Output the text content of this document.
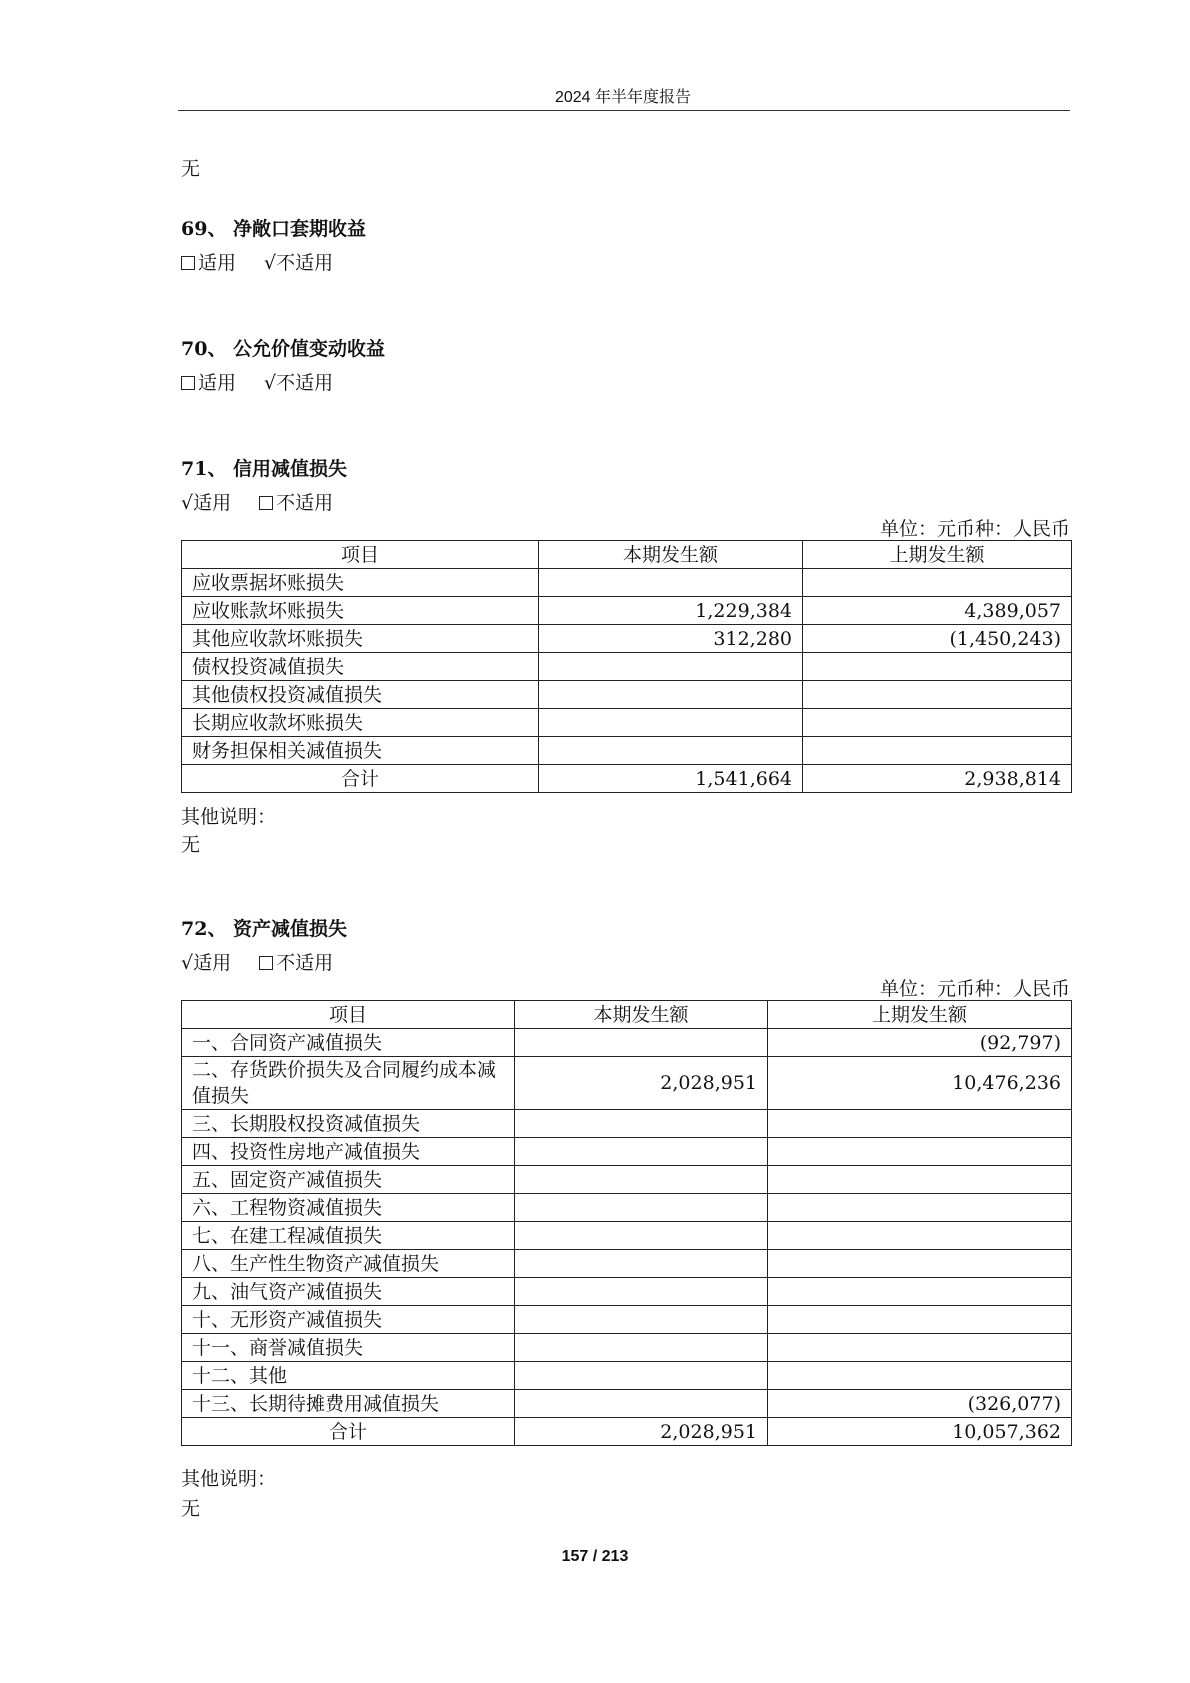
2024 年半年度报告
无
69、 净敞口套期收益
适用 √不适用
70、 公允价值变动收益
适用 √不适用
71、 信用减值损失
√适用 不适用
单位：元币种：人民币
项目	本期发生额	上期发生额
应收票据坏账损失		
应收账款坏账损失	1,229,384	4,389,057
其他应收款坏账损失	312,280	(1,450,243)
债权投资减值损失		
其他债权投资减值损失		
长期应收款坏账损失		
财务担保相关减值损失		
合计	1,541,664	2,938,814
其他说明：
无
72、 资产减值损失
√适用 不适用
单位：元币种：人民币
项目	本期发生额	上期发生额
一、合同资产减值损失		(92,797)
二、存货跌价损失及合同履约成本减值损失	2,028,951	10,476,236
三、长期股权投资减值损失		
四、投资性房地产减值损失		
五、固定资产减值损失		
六、工程物资减值损失		
七、在建工程减值损失		
八、生产性生物资产减值损失		
九、油气资产减值损失		
十、无形资产减值损失		
十一、商誉减值损失		
十二、其他		
十三、长期待摊费用减值损失		(326,077)
合计	2,028,951	10,057,362
其他说明：
无
157 / 213
